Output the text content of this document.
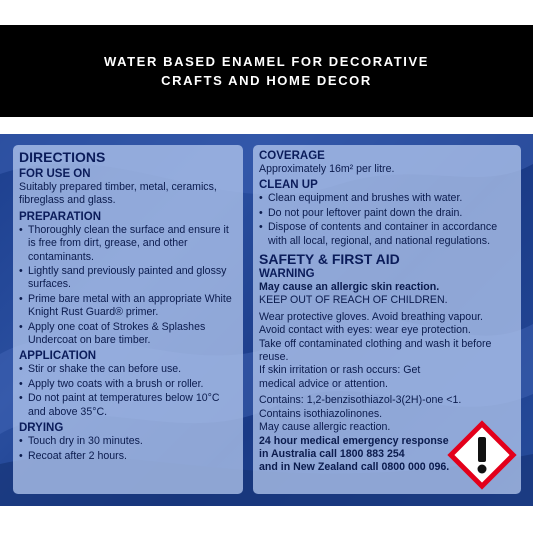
WATER BASED ENAMEL FOR DECORATIVE
CRAFTS AND HOME DECOR
DIRECTIONS
FOR USE ON
Suitably prepared timber, metal, ceramics, fibreglass and glass.
PREPARATION
• Thoroughly clean the surface and ensure it is free from dirt, grease, and other contaminants.
• Lightly sand previously painted and glossy surfaces.
• Prime bare metal with an appropriate White Knight Rust Guard® primer.
• Apply one coat of Strokes & Splashes Undercoat on bare timber.
APPLICATION
• Stir or shake the can before use.
• Apply two coats with a brush or roller.
• Do not paint at temperatures below 10°C and above 35°C.
DRYING
• Touch dry in 30 minutes.
• Recoat after 2 hours.
COVERAGE
Approximately 16m² per litre.
CLEAN UP
• Clean equipment and brushes with water.
• Do not pour leftover paint down the drain.
• Dispose of contents and container in accordance with all local, regional, and national regulations.
SAFETY & FIRST AID
WARNING
May cause an allergic skin reaction.
KEEP OUT OF REACH OF CHILDREN.
Wear protective gloves. Avoid breathing vapour.
Avoid contact with eyes: wear eye protection.
Take off contaminated clothing and wash it before reuse.
If skin irritation or rash occurs: Get medical advice or attention.
Contains: 1,2-benzisothiazol-3(2H)-one <1.
Contains isothiazolinones.
May cause allergic reaction.
24 hour medical emergency response
in Australia call 1800 883 254
and in New Zealand call 0800 000 096.
